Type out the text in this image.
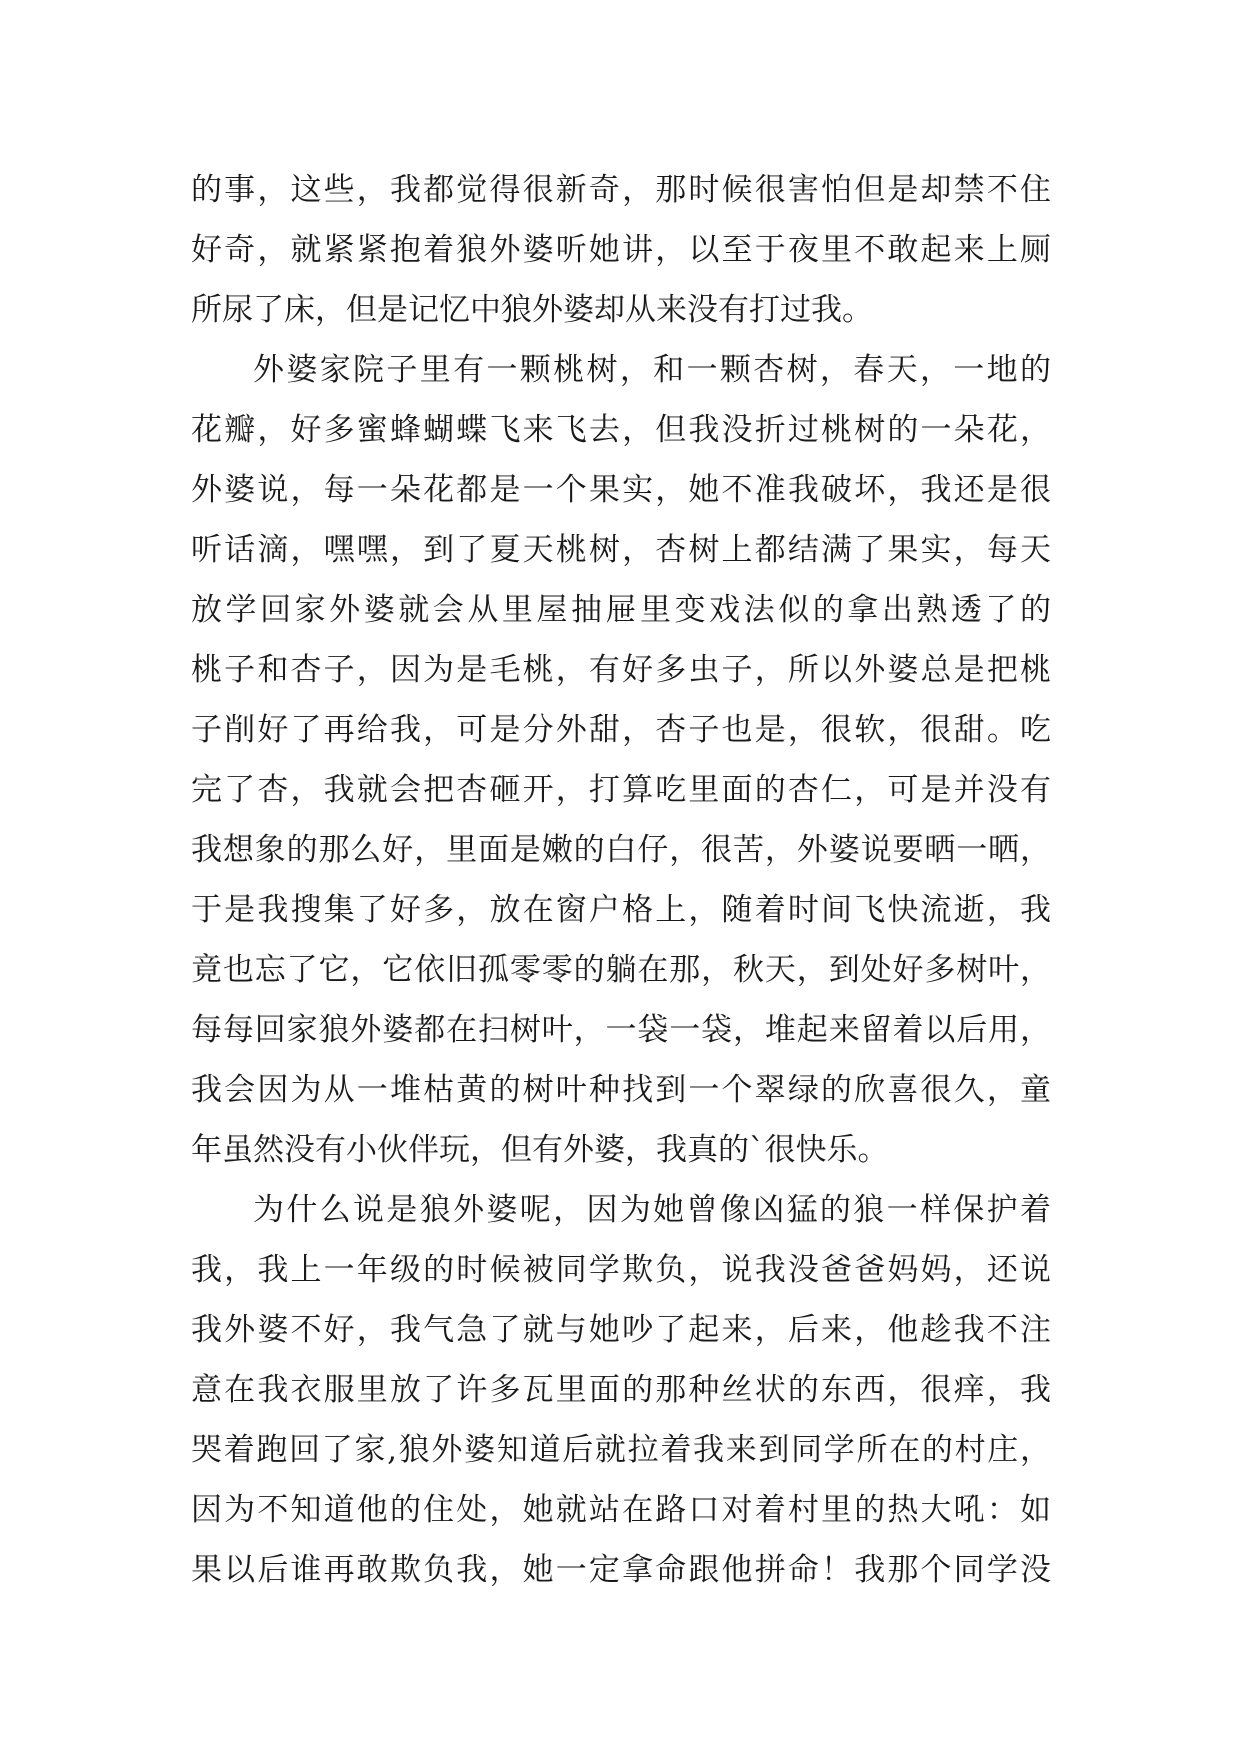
的事，这些，我都觉得很新奇，那时候很害怕但是却禁不住
好奇，就紧紧抱着狼外婆听她讲，以至于夜里不敢起来上厕
所尿了床，但是记忆中狼外婆却从来没有打过我。
外婆家院子里有一颗桃树，和一颗杏树，春天，一地的
花瓣，好多蜜蜂蝴蝶飞来飞去，但我没折过桃树的一朵花，
外婆说，每一朵花都是一个果实，她不准我破坏，我还是很
听话滴，嘿嘿，到了夏天桃树，杏树上都结满了果实，每天
放学回家外婆就会从里屋抽屉里变戏法似的拿出熟透了的
桃子和杏子，因为是毛桃，有好多虫子，所以外婆总是把桃
子削好了再给我，可是分外甜，杏子也是，很软，很甜。吃
完了杏，我就会把杏砸开，打算吃里面的杏仁，可是并没有
我想象的那么好，里面是嫩的白仔，很苦，外婆说要晒一晒，
于是我搜集了好多，放在窗户格上，随着时间飞快流逝，我
竟也忘了它，它依旧孤零零的躺在那，秋天，到处好多树叶，
每每回家狼外婆都在扫树叶，一袋一袋，堆起来留着以后用，
我会因为从一堆枯黄的树叶种找到一个翠绿的欣喜很久，童
年虽然没有小伙伴玩，但有外婆，我真的`很快乐。
为什么说是狼外婆呢，因为她曾像凶猛的狼一样保护着
我，我上一年级的时候被同学欺负，说我没爸爸妈妈，还说
我外婆不好，我气急了就与她吵了起来，后来，他趁我不注
意在我衣服里放了许多瓦里面的那种丝状的东西，很痒，我
哭着跑回了家,狼外婆知道后就拉着我来到同学所在的村庄，
因为不知道他的住处，她就站在路口对着村里的热大吼：如
果以后谁再敢欺负我，她一定拿命跟他拼命！我那个同学没
